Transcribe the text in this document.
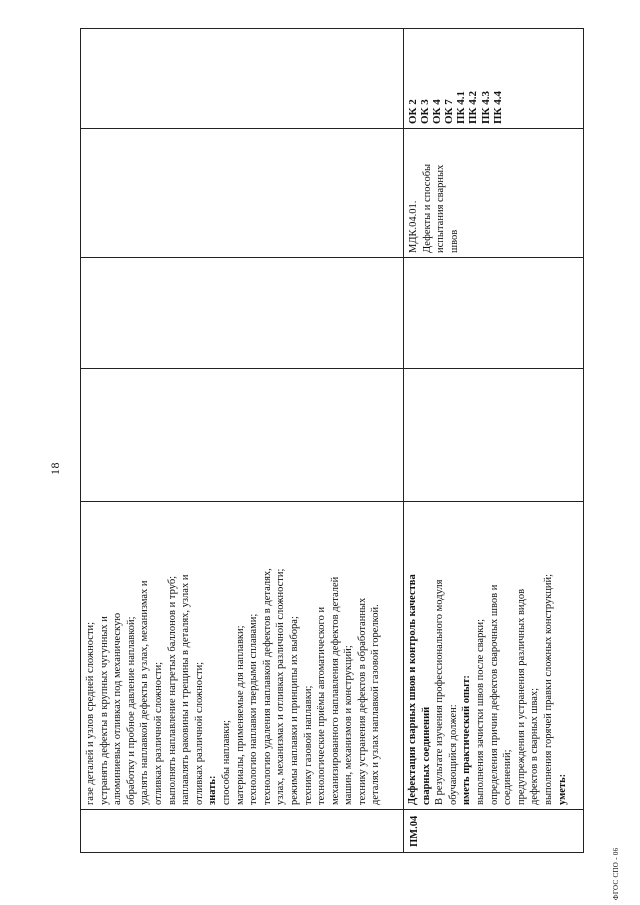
18
ПМ.04
газе деталей и узлов средней сложности; устранять дефекты в крупных чугунных и алюминиевых отливках под механическую обработку и пробное давление наплавкой; удалять наплавкой дефекты в узлах, механизмах и отливках различной сложности; выполнять наплавление нагретых баллонов и труб; наплавлять раковины и трещины в деталях, узлах и отливках различной сложности; знать: способы наплавки; материалы, применяемые для наплавки; технологию наплавки твердыми сплавами; технологию удаления наплавкой дефектов в деталях, узлах, механизмах и отливках различной сложности; режимы наплавки и принципы их выбора; технику газовой наплавки; технологические приёмы автоматического и механизированного наплавления дефектов деталей машин, механизмов и конструкций; технику устранения дефектов в обработанных деталях и узлах наплавкой газовой горелкой. Дефектация сварных швов и контроль качества сварных соединений В результате изучения профессионального модуля обучающийся должен: иметь практический опыт: выполнения зачистки швов после сварки; определения причин дефектов сварочных швов и соединений; предупреждения и устранения различных видов дефектов в сварных швах; выполнения горячей правки сложных конструкций; уметь:
МДК.04.01. Дефекты и способы испытания сварных швов
ОК 2 ОК 3 ОК 4 ОК 7 ПК 4.1 ПК 4.2 ПК 4.3 ПК 4.4
ФГОС СПО - 06
